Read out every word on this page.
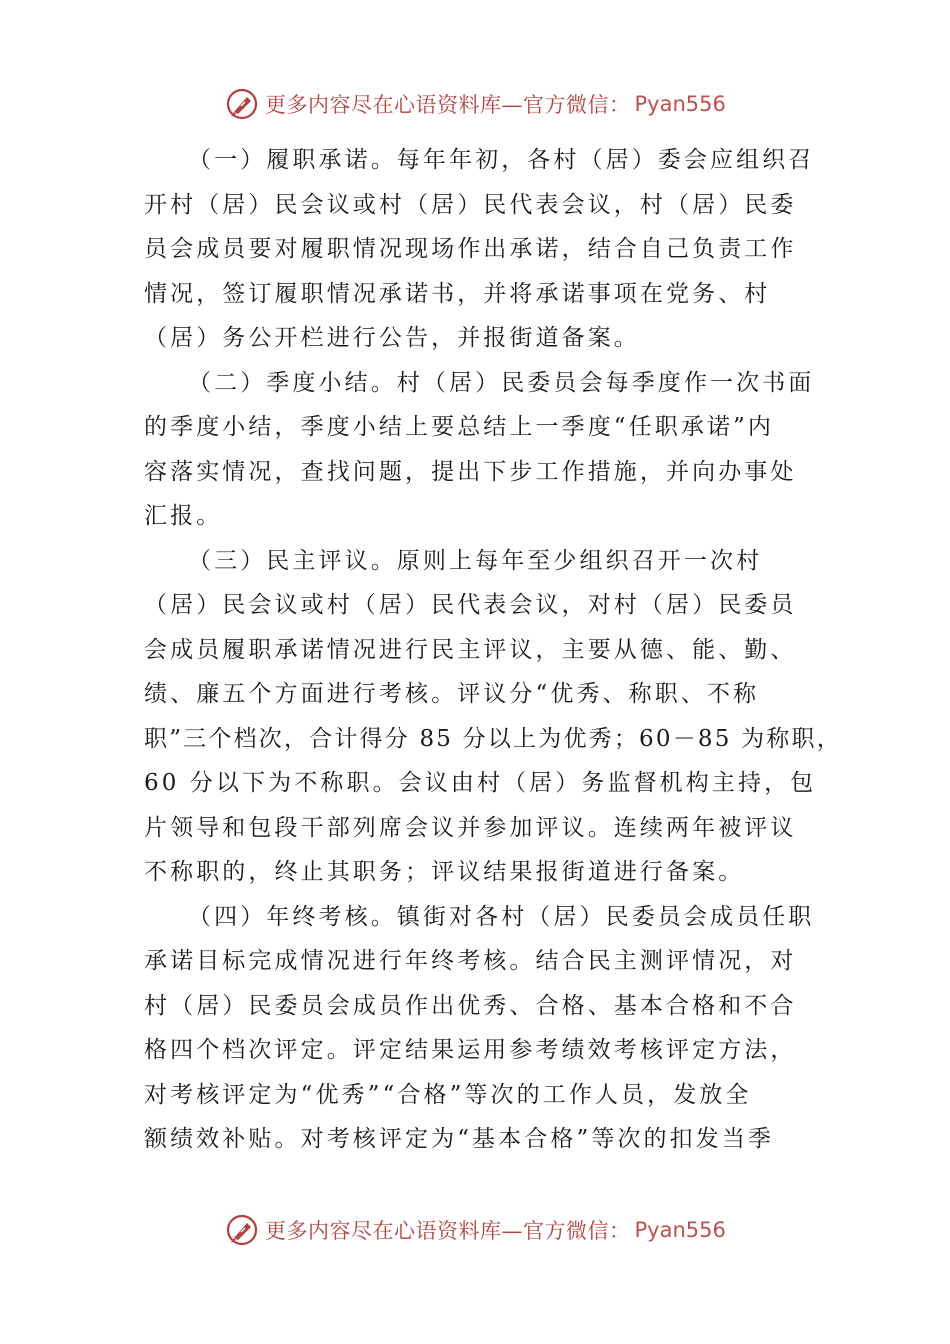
更多内容尽在心语资料库—官方微信： Pyan556
（一）履职承诺。每年年初，各村（居）委会应组织召
开村（居）民会议或村（居）民代表会议，村（居）民委
员会成员要对履职情况现场作出承诺，结合自己负责工作
情况，签订履职情况承诺书，并将承诺事项在党务、村
（居）务公开栏进行公告，并报街道备案。
（二）季度小结。村（居）民委员会每季度作一次书面
的季度小结，季度小结上要总结上一季度“任职承诺”内
容落实情况，查找问题，提出下步工作措施，并向办事处
汇报。
（三）民主评议。原则上每年至少组织召开一次村
（居）民会议或村（居）民代表会议，对村（居）民委员
会成员履职承诺情况进行民主评议，主要从德、能、勤、
绩、廉五个方面进行考核。评议分“优秀、称职、不称
职”三个档次，合计得分 85 分以上为优秀；60－85 为称职，
60 分以下为不称职。会议由村（居）务监督机构主持，包
片领导和包段干部列席会议并参加评议。连续两年被评议
不称职的，终止其职务；评议结果报街道进行备案。
（四）年终考核。镇街对各村（居）民委员会成员任职
承诺目标完成情况进行年终考核。结合民主测评情况，对
村（居）民委员会成员作出优秀、合格、基本合格和不合
格四个档次评定。评定结果运用参考绩效考核评定方法，
对考核评定为“优秀”“合格”等次的工作人员，发放全
额绩效补贴。对考核评定为“基本合格”等次的扣发当季
更多内容尽在心语资料库—官方微信： Pyan556
